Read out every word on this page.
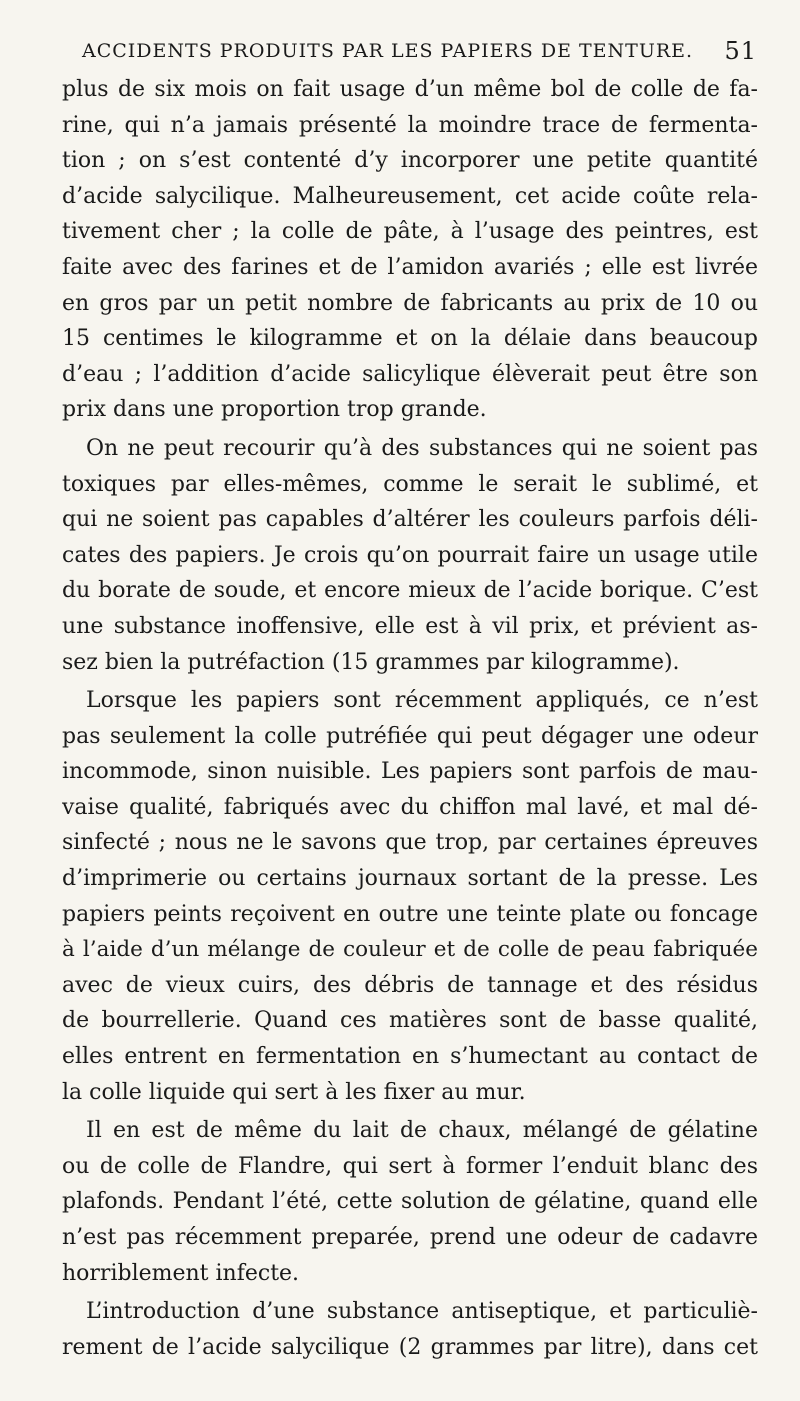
ACCIDENTS PRODUITS PAR LES PAPIERS DE TENTURE. 51
plus de six mois on fait usage d’un même bol de colle de fa-
rine, qui n’a jamais présenté la moindre trace de fermenta-
tion ; on s’est contenté d’y incorporer une petite quantité
d’acide salycilique. Malheureusement, cet acide coûte rela-
tivement cher ; la colle de pâte, à l’usage des peintres, est
faite avec des farines et de l’amidon avariés ; elle est livrée
en gros par un petit nombre de fabricants au prix de 10 ou
15 centimes le kilogramme et on la délaie dans beaucoup
d’eau ; l’addition d’acide salicylique élèverait peut être son
prix dans une proportion trop grande.
On ne peut recourir qu’à des substances qui ne soient pas
toxiques par elles-mêmes, comme le serait le sublimé, et
qui ne soient pas capables d’altérer les couleurs parfois déli-
cates des papiers. Je crois qu’on pourrait faire un usage utile
du borate de soude, et encore mieux de l’acide borique. C’est
une substance inoffensive, elle est à vil prix, et prévient as-
sez bien la putréfaction (15 grammes par kilogramme).
Lorsque les papiers sont récemment appliqués, ce n’est
pas seulement la colle putréfiée qui peut dégager une odeur
incommode, sinon nuisible. Les papiers sont parfois de mau-
vaise qualité, fabriqués avec du chiffon mal lavé, et mal dé-
sinfecté ; nous ne le savons que trop, par certaines épreuves
d’imprimerie ou certains journaux sortant de la presse. Les
papiers peints reçoivent en outre une teinte plate ou foncage
à l’aide d’un mélange de couleur et de colle de peau fabriquée
avec de vieux cuirs, des débris de tannage et des résidus
de bourrellerie. Quand ces matières sont de basse qualité,
elles entrent en fermentation en s’humectant au contact de
la colle liquide qui sert à les fixer au mur.
Il en est de même du lait de chaux, mélangé de gélatine
ou de colle de Flandre, qui sert à former l’enduit blanc des
plafonds. Pendant l’été, cette solution de gélatine, quand elle
n’est pas récemment preparée, prend une odeur de cadavre
horriblement infecte.
L’introduction d’une substance antiseptique, et particuliè-
rement de l’acide salycilique (2 grammes par litre), dans cet
